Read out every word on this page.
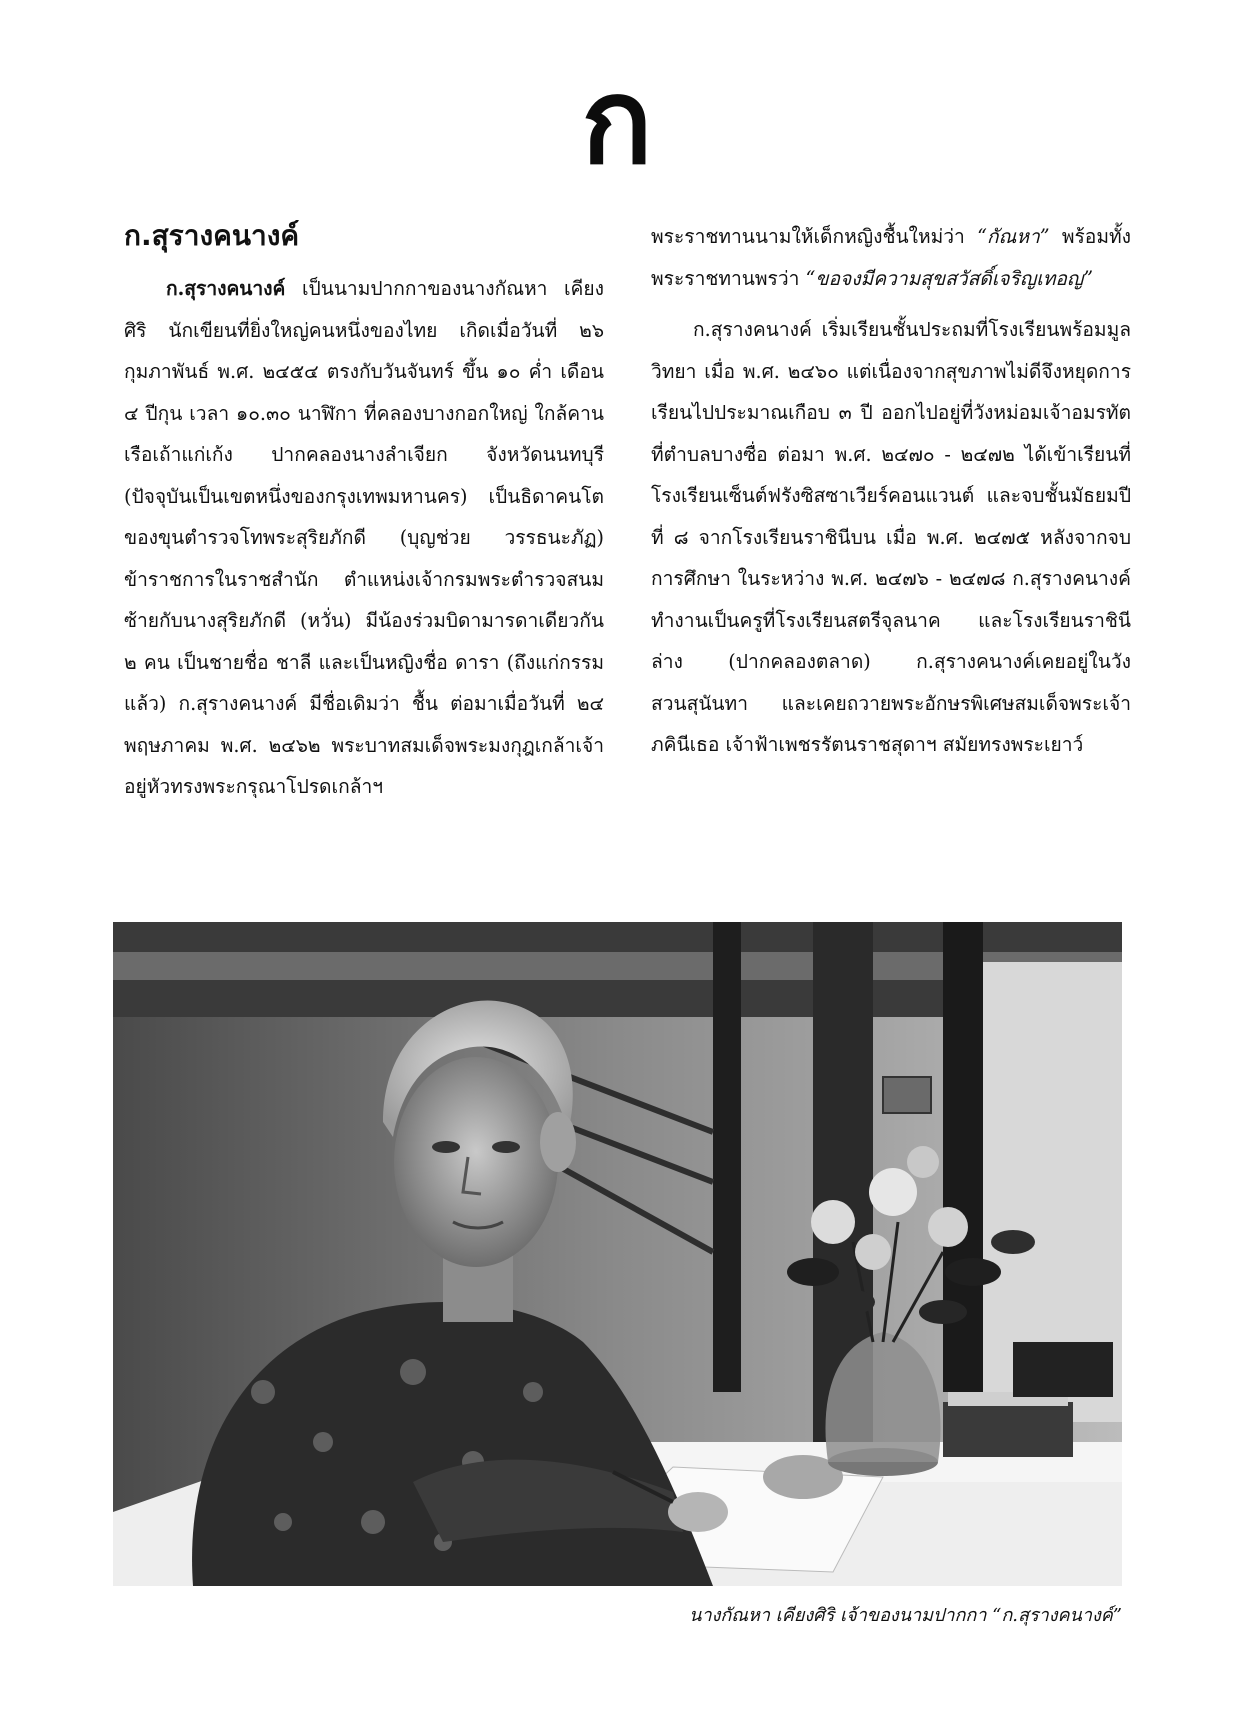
ก
ก.สุรางคนางค์

ก.สุรางคนางค์ เป็นนามปากกาของนางกัณหา เคียงศิริ นักเขียนที่ยิ่งใหญ่คนหนึ่งของไทย เกิดเมื่อวันที่ ๒๖ กุมภาพันธ์ พ.ศ. ๒๔๕๔ ตรงกับวันจันทร์ ขึ้น ๑๐ ค่ำ เดือน ๔ ปีกุน เวลา ๑๐.๓๐ นาฬิกา ที่คลองบางกอกใหญ่ ใกล้คานเรือเถ้าแก่เก้ง ปากคลองนางลำเจียก จังหวัดนนทบุรี (ปัจจุบันเป็นเขตหนึ่งของกรุงเทพมหานคร) เป็นธิดาคนโตของขุนตำรวจโทพระสุริยภักดี (บุญช่วย วรรธนะภัฏ) ข้าราชการในราชสำนัก ตำแหน่งเจ้ากรมพระตำรวจสนมซ้ายกับนางสุริยภักดี (หวั่น) มีน้องร่วมบิดามารดาเดียวกัน ๒ คน เป็นชายชื่อ ชาลี และเป็นหญิงชื่อ ดารา (ถึงแก่กรรมแล้ว) ก.สุรางคนางค์ มีชื่อเดิมว่า ชื้น ต่อมาเมื่อวันที่ ๒๔ พฤษภาคม พ.ศ. ๒๔๖๒ พระบาทสมเด็จพระมงกุฎเกล้าเจ้าอยู่หัวทรงพระกรุณาโปรดเกล้าฯ

พระราชทานนามให้เด็กหญิงชื้นใหม่ว่า “กัณหา” พร้อมทั้งพระราชทานพรว่า “ขอจงมีความสุขสวัสดิ์เจริญเทอญ”

ก.สุรางคนางค์ เริ่มเรียนชั้นประถมที่โรงเรียนพร้อมมูลวิทยา เมื่อ พ.ศ. ๒๔๖๐ แต่เนื่องจากสุขภาพไม่ดีจึงหยุดการเรียนไปประมาณเกือบ ๓ ปี ออกไปอยู่ที่วังหม่อมเจ้าอมรทัตที่ตำบลบางซื่อ ต่อมา พ.ศ. ๒๔๗๐ - ๒๔๗๒ ได้เข้าเรียนที่โรงเรียนเซ็นต์ฟรังซิสซาเวียร์คอนแวนต์ และจบชั้นมัธยมปีที่ ๘ จากโรงเรียนราชินีบน เมื่อ พ.ศ. ๒๔๗๕ หลังจากจบการศึกษา ในระหว่าง พ.ศ. ๒๔๗๖ - ๒๔๗๘ ก.สุรางคนางค์ทำงานเป็นครูที่โรงเรียนสตรีจุลนาค และโรงเรียนราชินีล่าง (ปากคลองตลาด) ก.สุรางคนางค์เคยอยู่ในวังสวนสุนันทา และเคยถวายพระอักษรพิเศษสมเด็จพระเจ้าภคินีเธอ เจ้าฟ้าเพชรรัตนราชสุดาฯ สมัยทรงพระเยาว์

นางกัณหา เคียงศิริ เจ้าของนามปากกา “ก.สุรางคนางค์”
